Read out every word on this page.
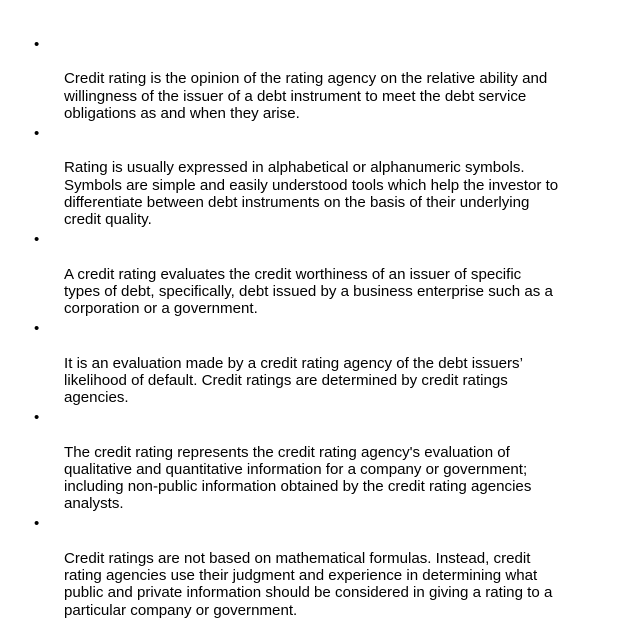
•

Credit rating is the opinion of the rating agency on the relative ability and
willingness of the issuer of a debt instrument to meet the debt service
obligations as and when they arise.

•

Rating is usually expressed in alphabetical or alphanumeric symbols.
Symbols are simple and easily understood tools which help the investor to
differentiate between debt instruments on the basis of their underlying
credit quality.

•

A credit rating evaluates the credit worthiness of an issuer of specific
types of debt, specifically, debt issued by a business enterprise such as a
corporation or a government.

•

It is an evaluation made by a credit rating agency of the debt issuers’
likelihood of default. Credit ratings are determined by credit ratings
agencies.

•

The credit rating represents the credit rating agency's evaluation of
qualitative and quantitative information for a company or government;
including non-public information obtained by the credit rating agencies
analysts.

•

Credit ratings are not based on mathematical formulas. Instead, credit
rating agencies use their judgment and experience in determining what
public and private information should be considered in giving a rating to a
particular company or government.
